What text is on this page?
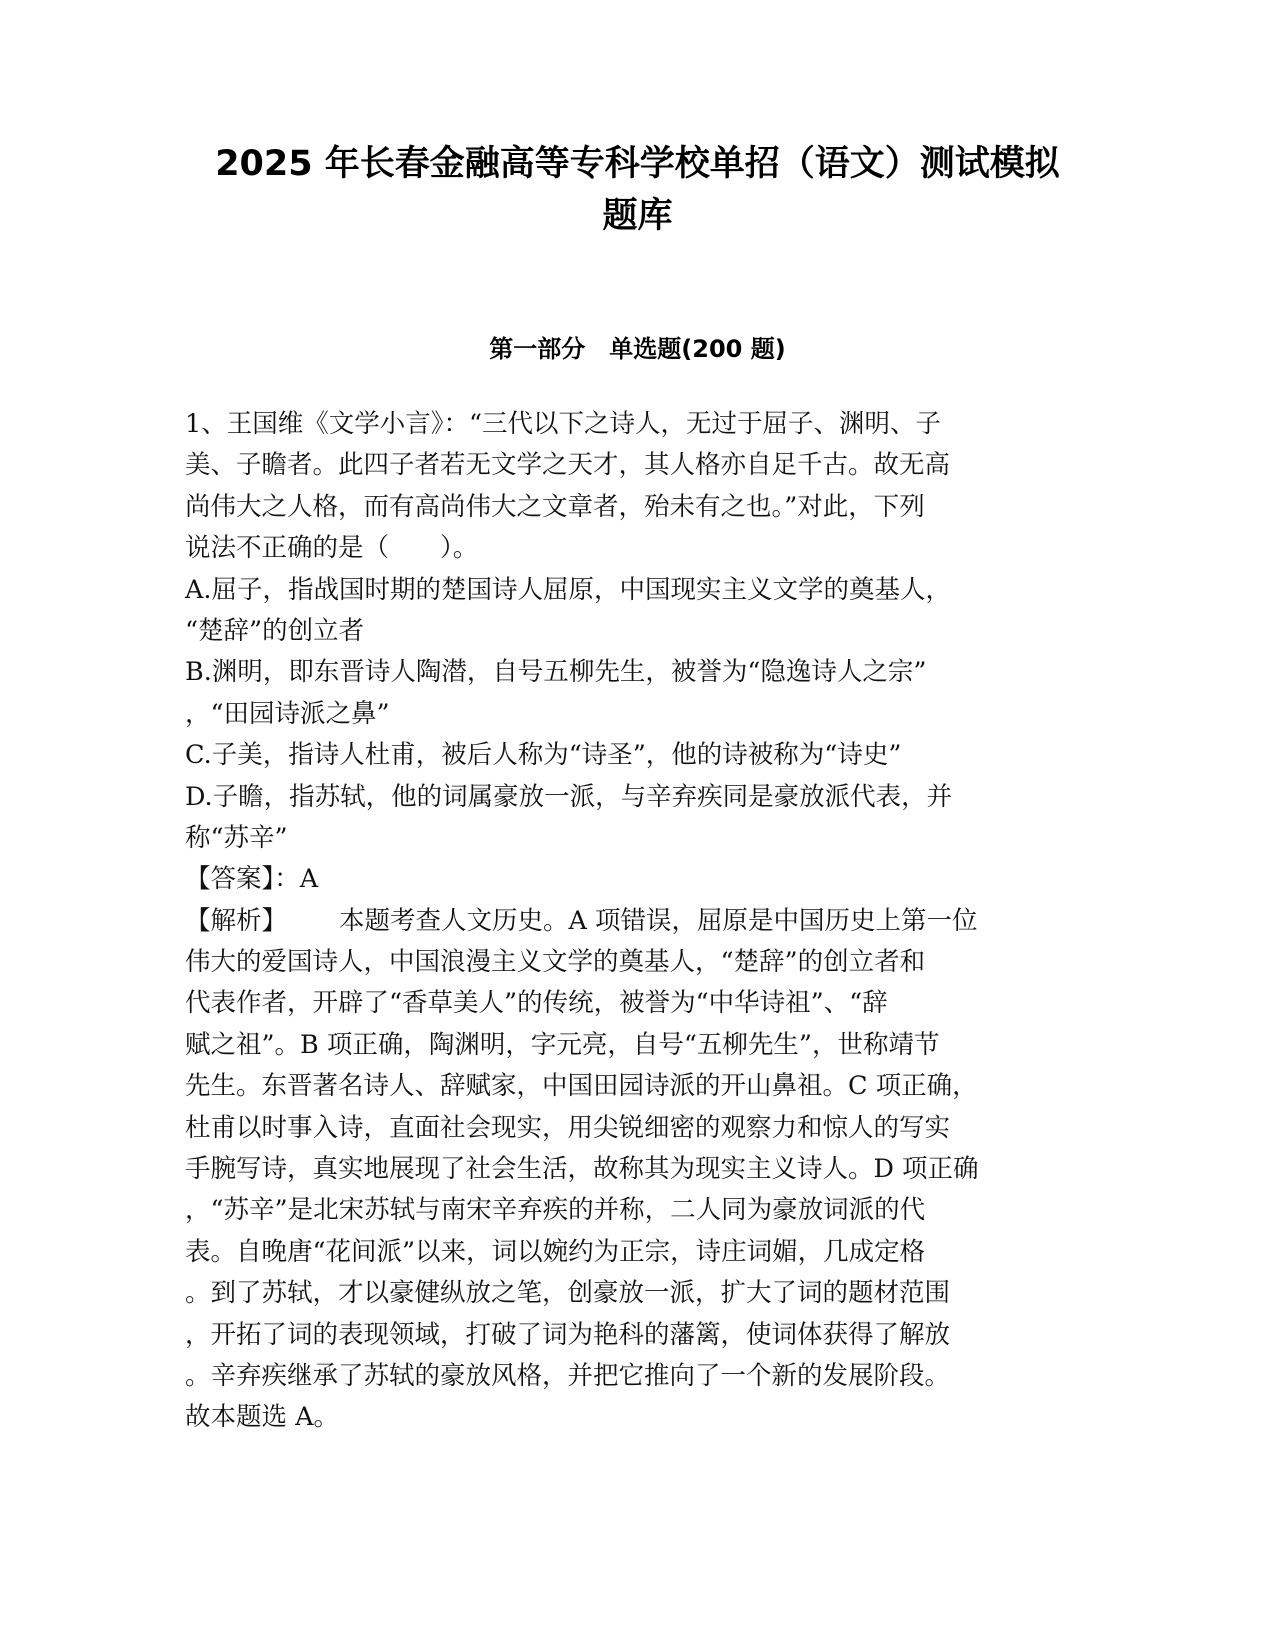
2025 年长春金融高等专科学校单招（语文）测试模拟
题库
第一部分　单选题(200 题)
1、王国维《文学小言》：“三代以下之诗人，无过于屈子、渊明、子
美、子瞻者。此四子者若无文学之天才，其人格亦自足千古。故无高
尚伟大之人格，而有高尚伟大之文章者，殆未有之也。”对此，下列
说法不正确的是（　　）。
A.屈子，指战国时期的楚国诗人屈原，中国现实主义文学的奠基人，
“楚辞”的创立者
B.渊明，即东晋诗人陶潜，自号五柳先生，被誉为“隐逸诗人之宗”
，“田园诗派之鼻”
C.子美，指诗人杜甫，被后人称为“诗圣”，他的诗被称为“诗史”
D.子瞻，指苏轼，他的词属豪放一派，与辛弃疾同是豪放派代表，并
称“苏辛”
【答案】：A
【解析】 本题考查人文历史。A 项错误，屈原是中国历史上第一位
伟大的爱国诗人，中国浪漫主义文学的奠基人，“楚辞”的创立者和
代表作者，开辟了“香草美人”的传统，被誉为“中华诗祖”、“辞
赋之祖”。B 项正确，陶渊明，字元亮，自号“五柳先生”，世称靖节
先生。东晋著名诗人、辞赋家，中国田园诗派的开山鼻祖。C 项正确，
杜甫以时事入诗，直面社会现实，用尖锐细密的观察力和惊人的写实
手腕写诗，真实地展现了社会生活，故称其为现实主义诗人。D 项正确
，“苏辛”是北宋苏轼与南宋辛弃疾的并称，二人同为豪放词派的代
表。自晚唐“花间派”以来，词以婉约为正宗，诗庄词媚，几成定格
。到了苏轼，才以豪健纵放之笔，创豪放一派，扩大了词的题材范围
，开拓了词的表现领域，打破了词为艳科的藩篱，使词体获得了解放
。辛弃疾继承了苏轼的豪放风格，并把它推向了一个新的发展阶段。
故本题选 A。
